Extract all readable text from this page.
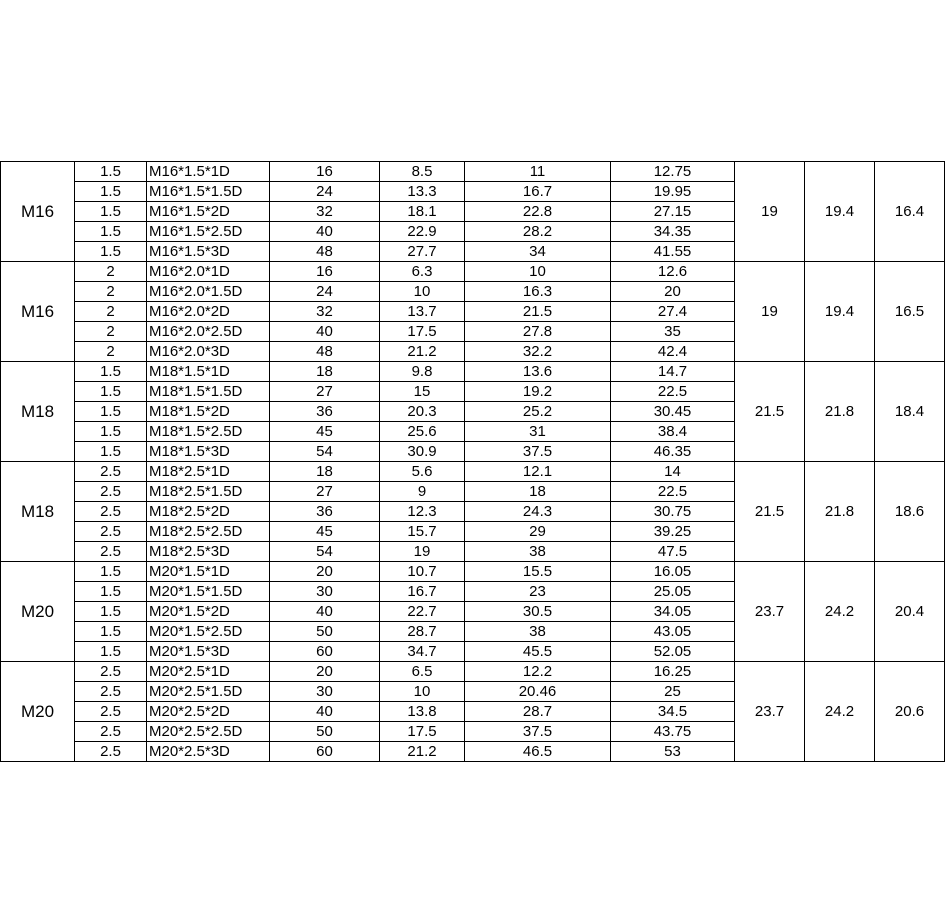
M16	1.5	M16*1.5*1D	16	8.5	11	12.75	19	19.4	16.4
	1.5	M16*1.5*1.5D	24	13.3	16.7	19.95			
	1.5	M16*1.5*2D	32	18.1	22.8	27.15			
	1.5	M16*1.5*2.5D	40	22.9	28.2	34.35			
	1.5	M16*1.5*3D	48	27.7	34	41.55			
M16	2	M16*2.0*1D	16	6.3	10	12.6	19	19.4	16.5
	2	M16*2.0*1.5D	24	10	16.3	20			
	2	M16*2.0*2D	32	13.7	21.5	27.4			
	2	M16*2.0*2.5D	40	17.5	27.8	35			
	2	M16*2.0*3D	48	21.2	32.2	42.4			
M18	1.5	M18*1.5*1D	18	9.8	13.6	14.7	21.5	21.8	18.4
	1.5	M18*1.5*1.5D	27	15	19.2	22.5			
	1.5	M18*1.5*2D	36	20.3	25.2	30.45			
	1.5	M18*1.5*2.5D	45	25.6	31	38.4			
	1.5	M18*1.5*3D	54	30.9	37.5	46.35			
M18	2.5	M18*2.5*1D	18	5.6	12.1	14	21.5	21.8	18.6
	2.5	M18*2.5*1.5D	27	9	18	22.5			
	2.5	M18*2.5*2D	36	12.3	24.3	30.75			
	2.5	M18*2.5*2.5D	45	15.7	29	39.25			
	2.5	M18*2.5*3D	54	19	38	47.5			
M20	1.5	M20*1.5*1D	20	10.7	15.5	16.05	23.7	24.2	20.4
	1.5	M20*1.5*1.5D	30	16.7	23	25.05			
	1.5	M20*1.5*2D	40	22.7	30.5	34.05			
	1.5	M20*1.5*2.5D	50	28.7	38	43.05			
	1.5	M20*1.5*3D	60	34.7	45.5	52.05			
M20	2.5	M20*2.5*1D	20	6.5	12.2	16.25	23.7	24.2	20.6
	2.5	M20*2.5*1.5D	30	10	20.46	25			
	2.5	M20*2.5*2D	40	13.8	28.7	34.5			
	2.5	M20*2.5*2.5D	50	17.5	37.5	43.75			
	2.5	M20*2.5*3D	60	21.2	46.5	53			
